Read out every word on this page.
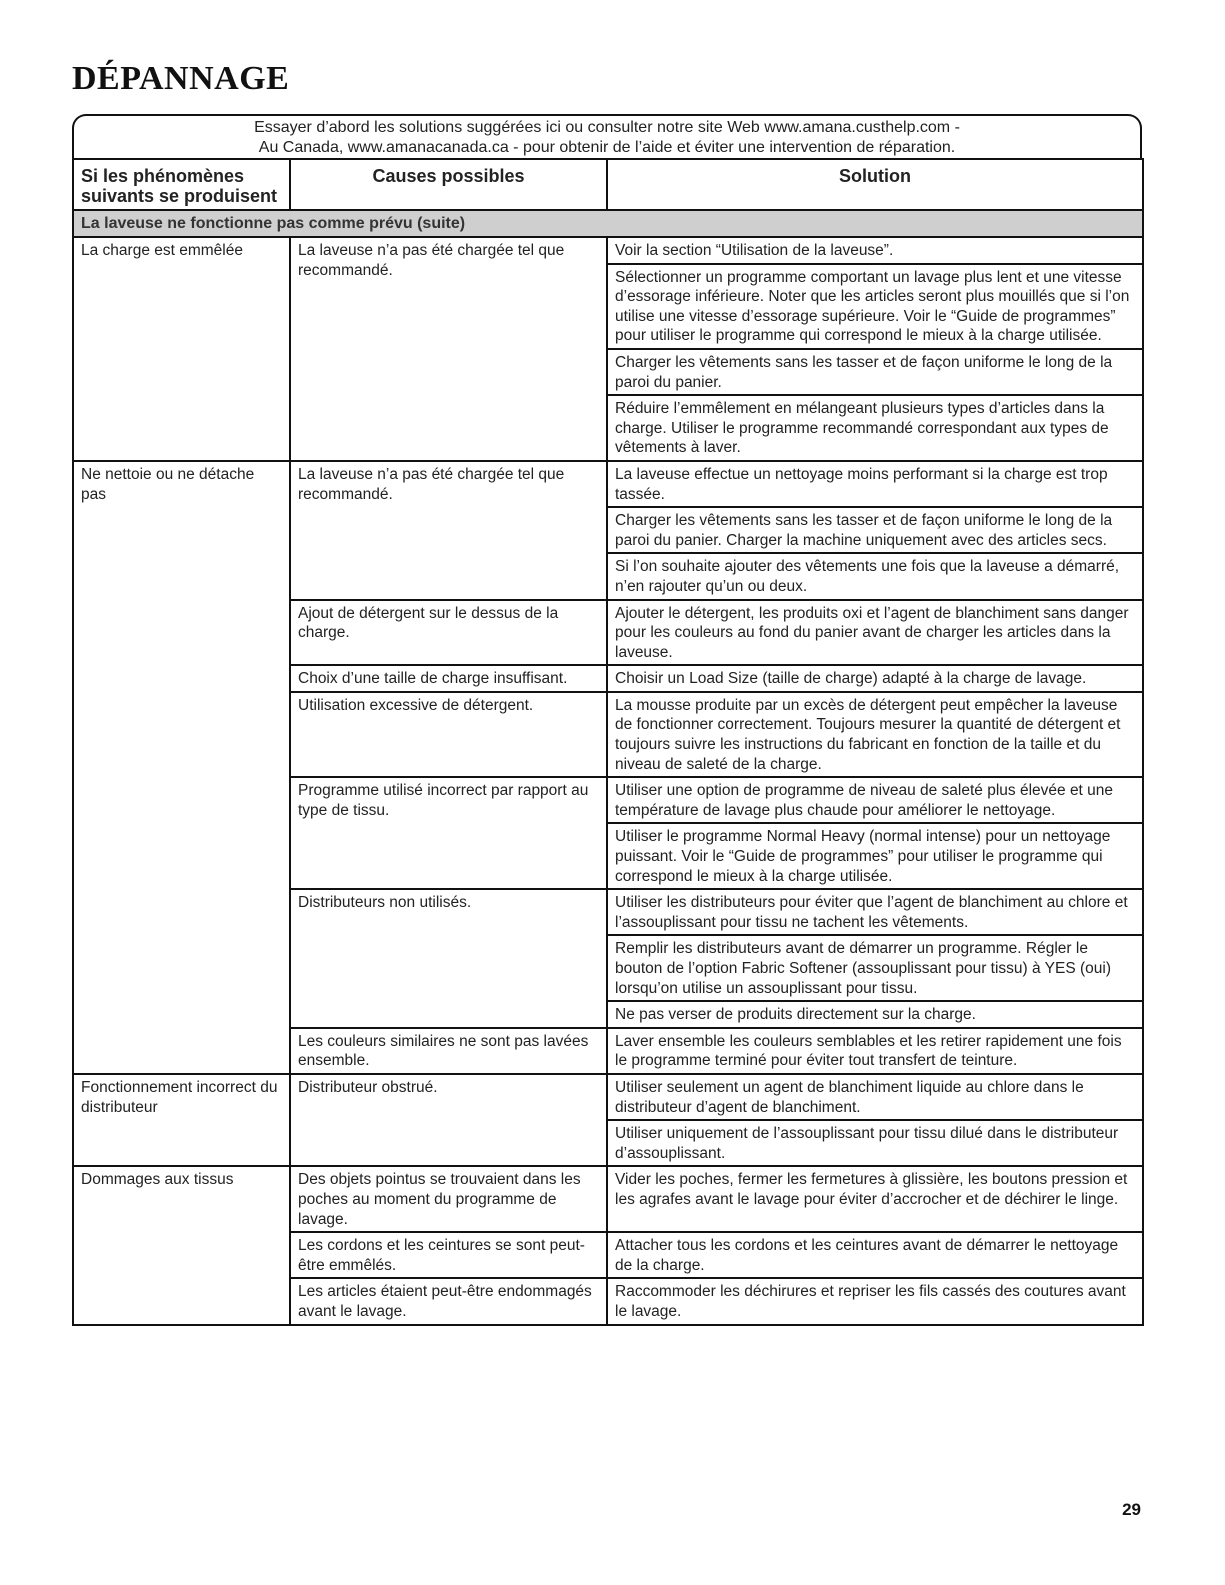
DÉPANNAGE
Essayer d’abord les solutions suggérées ici ou consulter notre site Web www.amana.custhelp.com -
Au Canada, www.amanacanada.ca - pour obtenir de l’aide et éviter une intervention de réparation.
Si les phénomènes suivants se produisent	Causes possibles	Solution
La laveuse ne fonctionne pas comme prévu (suite)		
La charge est emmêlée	La laveuse n’a pas été chargée tel que recommandé.	Voir la section “Utilisation de la laveuse”.
		Sélectionner un programme comportant un lavage plus lent et une vitesse d’essorage inférieure. Noter que les articles seront plus mouillés que si l’on utilise une vitesse d’essorage supérieure. Voir le “Guide de programmes” pour utiliser le programme qui correspond le mieux à la charge utilisée.
		Charger les vêtements sans les tasser et de façon uniforme le long de la paroi du panier.
		Réduire l’emmêlement en mélangeant plusieurs types d’articles dans la charge. Utiliser le programme recommandé correspondant aux types de vêtements à laver.
Ne nettoie ou ne détache pas	La laveuse n’a pas été chargée tel que recommandé.	La laveuse effectue un nettoyage moins performant si la charge est trop tassée.
		Charger les vêtements sans les tasser et de façon uniforme le long de la paroi du panier. Charger la machine uniquement avec des articles secs.
		Si l’on souhaite ajouter des vêtements une fois que la laveuse a démarré, n’en rajouter qu’un ou deux.
	Ajout de détergent sur le dessus de la charge.	Ajouter le détergent, les produits oxi et l’agent de blanchiment sans danger pour les couleurs au fond du panier avant de charger les articles dans la laveuse.
	Choix d’une taille de charge insuffisant.	Choisir un Load Size (taille de charge) adapté à la charge de lavage.
	Utilisation excessive de détergent.	La mousse produite par un excès de détergent peut empêcher la laveuse de fonctionner correctement. Toujours mesurer la quantité de détergent et toujours suivre les instructions du fabricant en fonction de la taille et du niveau de saleté de la charge.
	Programme utilisé incorrect par rapport au type de tissu.	Utiliser une option de programme de niveau de saleté plus élevée et une température de lavage plus chaude pour améliorer le nettoyage.
		Utiliser le programme Normal Heavy (normal intense) pour un nettoyage puissant. Voir le “Guide de programmes” pour utiliser le programme qui correspond le mieux à la charge utilisée.
	Distributeurs non utilisés.	Utiliser les distributeurs pour éviter que l’agent de blanchiment au chlore et l’assouplissant pour tissu ne tachent les vêtements.
		Remplir les distributeurs avant de démarrer un programme. Régler le bouton de l’option Fabric Softener (assouplissant pour tissu) à YES (oui) lorsqu’on utilise un assouplissant pour tissu.
		Ne pas verser de produits directement sur la charge.
	Les couleurs similaires ne sont pas lavées ensemble.	Laver ensemble les couleurs semblables et les retirer rapidement une fois le programme terminé pour éviter tout transfert de teinture.
Fonctionnement incorrect du distributeur	Distributeur obstrué.	Utiliser seulement un agent de blanchiment liquide au chlore dans le distributeur d’agent de blanchiment.
		Utiliser uniquement de l’assouplissant pour tissu dilué dans le distributeur d’assouplissant.
Dommages aux tissus	Des objets pointus se trouvaient dans les poches au moment du programme de lavage.	Vider les poches, fermer les fermetures à glissière, les boutons pression et les agrafes avant le lavage pour éviter d’accrocher et de déchirer le linge.
	Les cordons et les ceintures se sont peut-être emmêlés.	Attacher tous les cordons et les ceintures avant de démarrer le nettoyage de la charge.
	Les articles étaient peut-être endommagés avant le lavage.	Raccommoder les déchirures et repriser les fils cassés des coutures avant le lavage.
29
